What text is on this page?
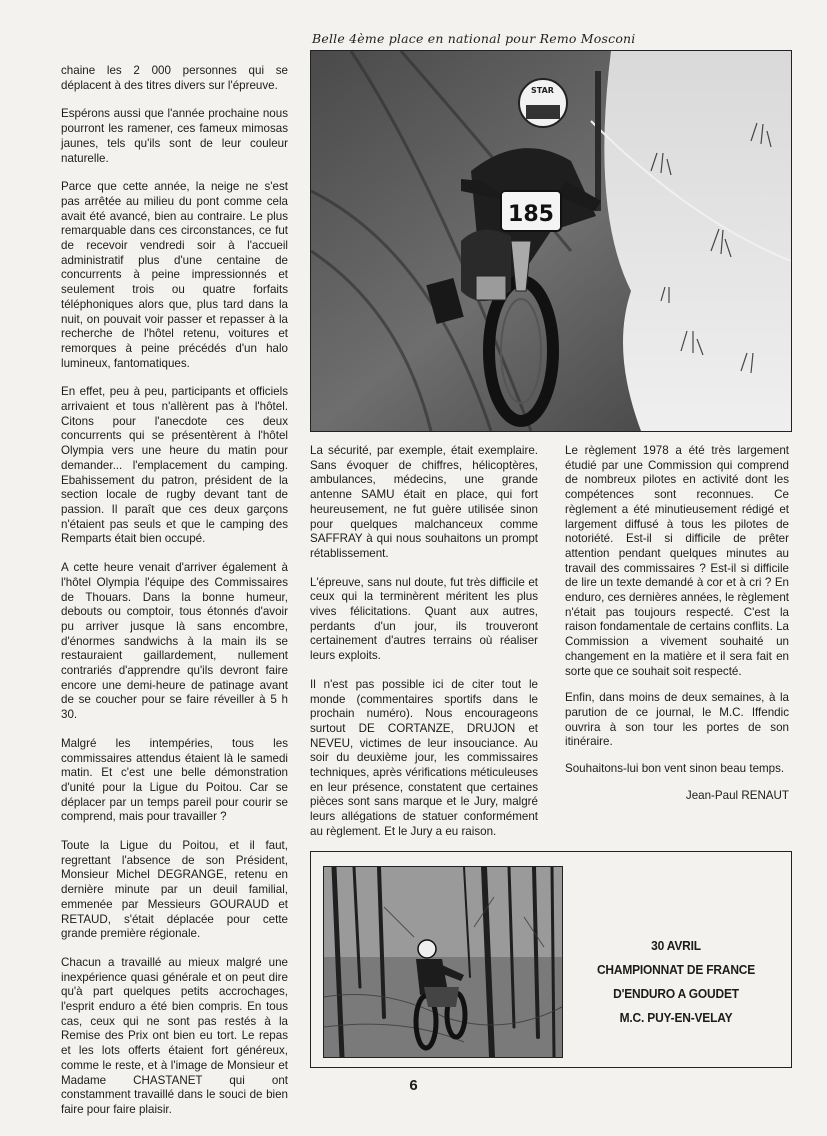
Belle 4ème place en national pour Remo Mosconi
STAR
185

chaine les 2 000 personnes qui se déplacent à des titres divers sur l'épreuve.

Espérons aussi que l'année prochaine nous pourront les ramener, ces fameux mimosas jaunes, tels qu'ils sont de leur couleur naturelle.

Parce que cette année, la neige ne s'est pas arrêtée au milieu du pont comme cela avait été avancé, bien au contraire. Le plus remarquable dans ces circonstances, ce fut de recevoir vendredi soir à l'accueil administratif plus d'une centaine de concurrents à peine impressionnés et seulement trois ou quatre forfaits téléphoniques alors que, plus tard dans la nuit, on pouvait voir passer et repasser à la recherche de l'hôtel retenu, voitures et remorques à peine précédés d'un halo lumineux, fantomatiques.

En effet, peu à peu, participants et officiels arrivaient et tous n'allèrent pas à l'hôtel. Citons pour l'anecdote ces deux concurrents qui se présentèrent à l'hôtel Olympia vers une heure du matin pour demander... l'emplacement du camping. Ebahissement du patron, président de la section locale de rugby devant tant de passion. Il paraît que ces deux garçons n'étaient pas seuls et que le camping des Remparts était bien occupé.

A cette heure venait d'arriver également à l'hôtel Olympia l'équipe des Commissaires de Thouars. Dans la bonne humeur, debouts ou comptoir, tous étonnés d'avoir pu arriver jusque là sans encombre, d'énormes sandwichs à la main ils se restauraient gaillardement, nullement contrariés d'apprendre qu'ils devront faire encore une demi-heure de patinage avant de se coucher pour se faire réveiller à 5 h 30.

Malgré les intempéries, tous les commissaires attendus étaient là le samedi matin. Et c'est une belle démonstration d'unité pour la Ligue du Poitou. Car se déplacer par un temps pareil pour courir se comprend, mais pour travailler ?

Toute la Ligue du Poitou, et il faut, regrettant l'absence de son Président, Monsieur Michel DEGRANGE, retenu en dernière minute par un deuil familial, emmenée par Messieurs GOURAUD et RETAUD, s'était déplacée pour cette grande première régionale.

Chacun a travaillé au mieux malgré une inexpérience quasi générale et on peut dire qu'à part quelques petits accrochages, l'esprit enduro a été bien compris. En tous cas, ceux qui ne sont pas restés à la Remise des Prix ont bien eu tort. Le repas et les lots offerts étaient fort généreux, comme le reste, et à l'image de Monsieur et Madame CHASTANET qui ont constamment travaillé dans le souci de bien faire pour faire plaisir.

La sécurité, par exemple, était exemplaire. Sans évoquer de chiffres, hélicoptères, ambulances, médecins, une grande antenne SAMU était en place, qui fort heureusement, ne fut guère utilisée sinon pour quelques malchanceux comme SAFFRAY à qui nous souhaitons un prompt rétablissement.

L'épreuve, sans nul doute, fut très difficile et ceux qui la terminèrent méritent les plus vives félicitations. Quant aux autres, perdants d'un jour, ils trouveront certainement d'autres terrains où réaliser leurs exploits.

Il n'est pas possible ici de citer tout le monde (commentaires sportifs dans le prochain numéro). Nous encourageons surtout DE CORTANZE, DRUJON et NEVEU, victimes de leur insouciance. Au soir du deuxième jour, les commissaires techniques, après vérifications méticuleuses en leur présence, constatent que certaines pièces sont sans marque et le Jury, malgré leurs allégations de statuer conformément au règlement. Et le Jury a eu raison.

Le règlement 1978 a été très largement étudié par une Commission qui comprend de nombreux pilotes en activité dont les compétences sont reconnues. Ce règlement a été minutieusement rédigé et largement diffusé à tous les pilotes de notoriété. Est-il si difficile de prêter attention pendant quelques minutes au travail des commissaires ? Est-il si difficile de lire un texte demandé à cor et à cri ? En enduro, ces dernières années, le règlement n'était pas toujours respecté. C'est la raison fondamentale de certains conflits. La Commission a vivement souhaité un changement en la matière et il sera fait en sorte que ce souhait soit respecté.

Enfin, dans moins de deux semaines, à la parution de ce journal, le M.C. Iffendic ouvrira à son tour les portes de son itinéraire.

Souhaitons-lui bon vent sinon beau temps.

Jean-Paul RENAUT
30 AVRIL
CHAMPIONNAT DE FRANCE
D'ENDURO A GOUDET
M.C. PUY-EN-VELAY
6
